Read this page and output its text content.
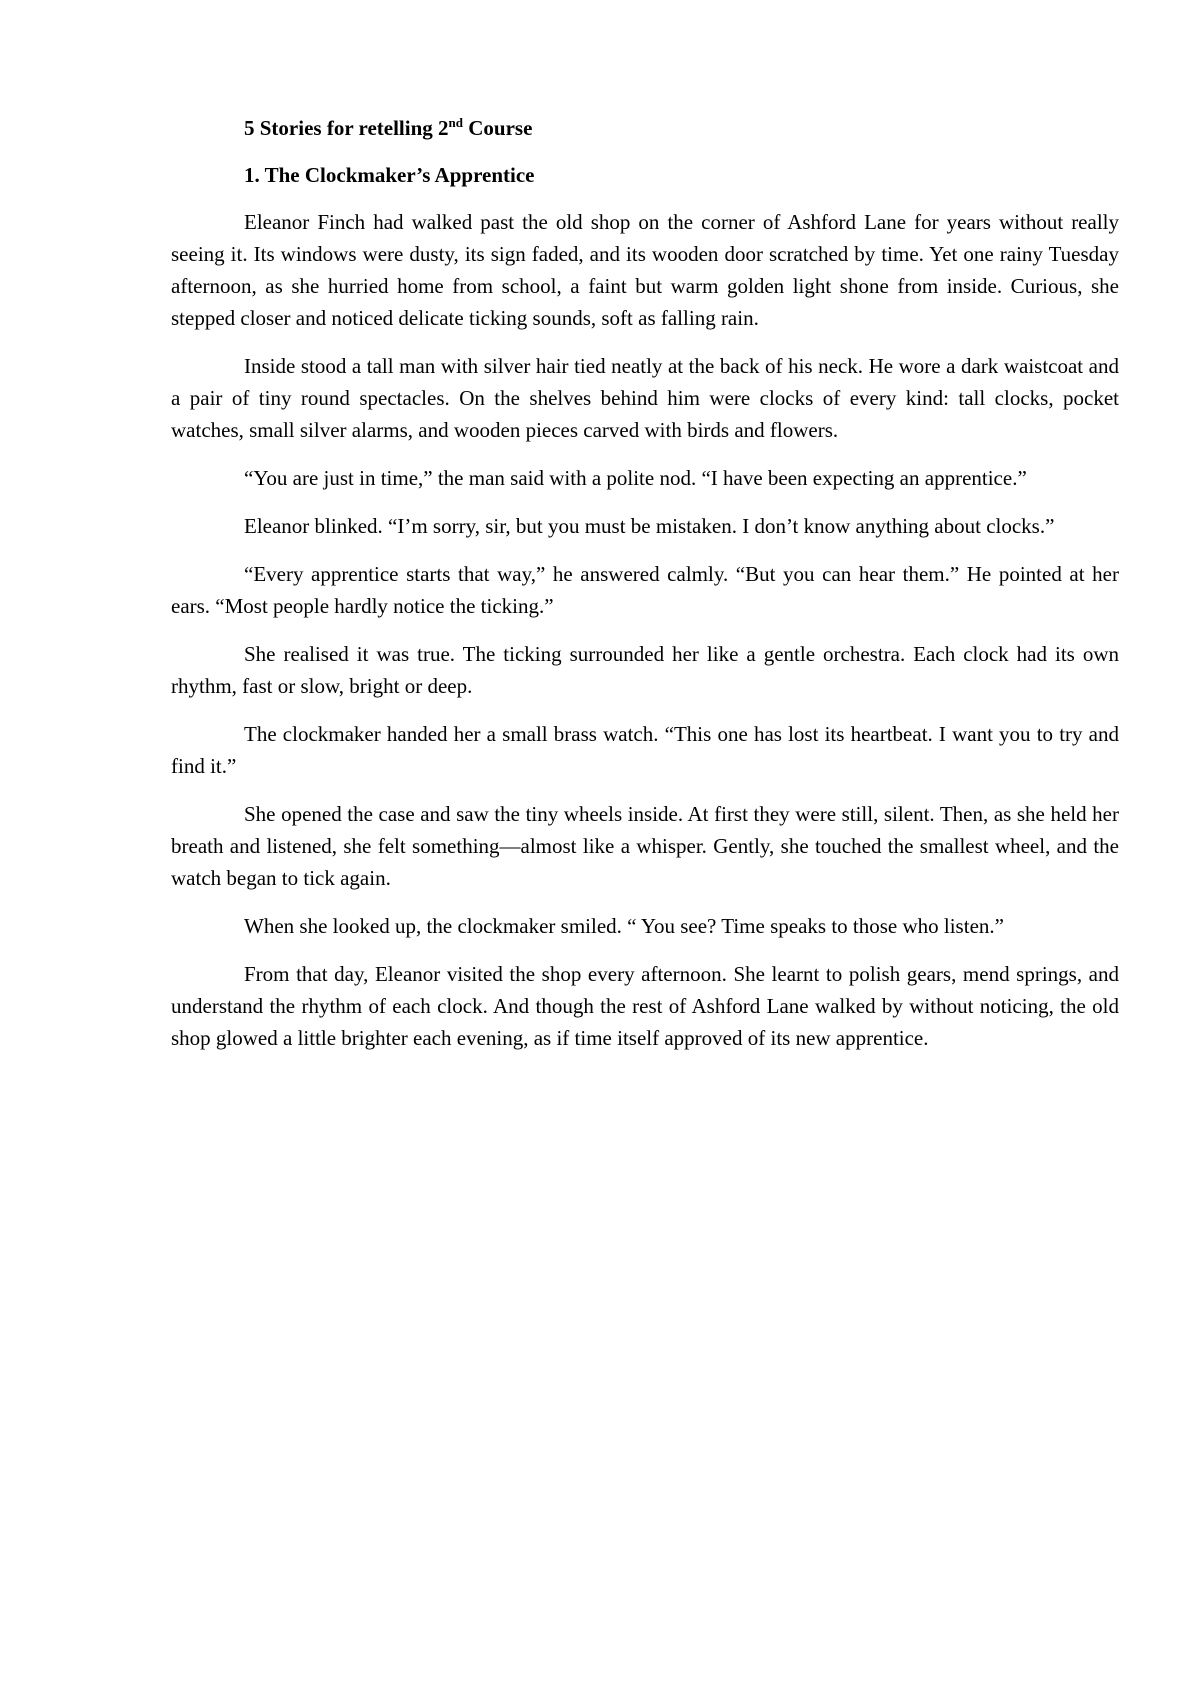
5 Stories for retelling 2nd Course
1. The Clockmaker’s Apprentice

Eleanor Finch had walked past the old shop on the corner of Ashford Lane for years without really seeing it. Its windows were dusty, its sign faded, and its wooden door scratched by time. Yet one rainy Tuesday afternoon, as she hurried home from school, a faint but warm golden light shone from inside. Curious, she stepped closer and noticed delicate ticking sounds, soft as falling rain.

Inside stood a tall man with silver hair tied neatly at the back of his neck. He wore a dark waistcoat and a pair of tiny round spectacles. On the shelves behind him were clocks of every kind: tall clocks, pocket watches, small silver alarms, and wooden pieces carved with birds and flowers.

“You are just in time,” the man said with a polite nod. “I have been expecting an apprentice.”

Eleanor blinked. “I’m sorry, sir, but you must be mistaken. I don’t know anything about clocks.”

“Every apprentice starts that way,” he answered calmly. “But you can hear them.” He pointed at her ears. “Most people hardly notice the ticking.”

She realised it was true. The ticking surrounded her like a gentle orchestra. Each clock had its own rhythm, fast or slow, bright or deep.

The clockmaker handed her a small brass watch. “This one has lost its heartbeat. I want you to try and find it.”

She opened the case and saw the tiny wheels inside. At first they were still, silent. Then, as she held her breath and listened, she felt something—almost like a whisper. Gently, she touched the smallest wheel, and the watch began to tick again.

When she looked up, the clockmaker smiled. “ You see? Time speaks to those who listen.”

From that day, Eleanor visited the shop every afternoon. She learnt to polish gears, mend springs, and understand the rhythm of each clock. And though the rest of Ashford Lane walked by without noticing, the old shop glowed a little brighter each evening, as if time itself approved of its new apprentice.
